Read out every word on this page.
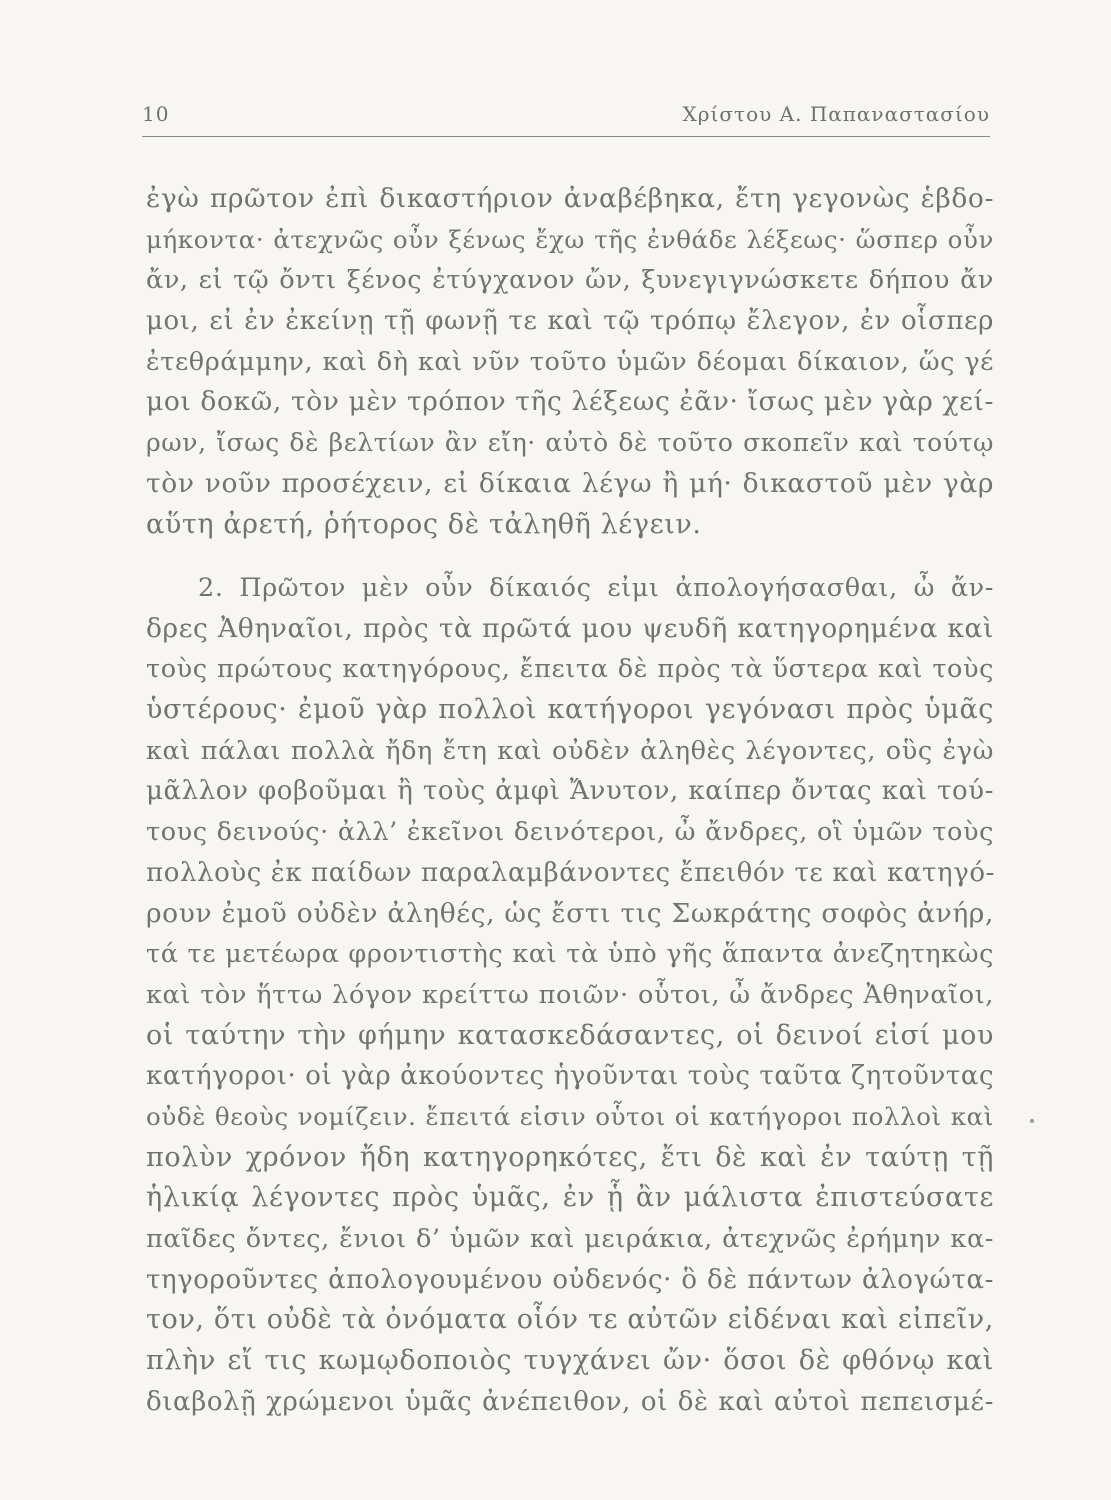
10	Χρίστου Α. Παπαναστασίου
ἐγὼ πρῶτον ἐπὶ δικαστήριον ἀναβέβηκα, ἔτη γεγονὼς ἑβδο-
μήκοντα· ἀτεχνῶς οὖν ξένως ἔχω τῆς ἐνθάδε λέξεως· ὥσπερ οὖν
ἄν, εἰ τῷ ὄντι ξένος ἐτύγχανον ὤν, ξυνεγιγνώσκετε δήπου ἄν
μοι, εἰ ἐν ἐκείνῃ τῇ φωνῇ τε καὶ τῷ τρόπῳ ἔλεγον, ἐν οἷσπερ
ἐτεθράμμην, καὶ δὴ καὶ νῦν τοῦτο ὑμῶν δέομαι δίκαιον, ὥς γέ
μοι δοκῶ, τὸν μὲν τρόπον τῆς λέξεως ἐᾶν· ἴσως μὲν γὰρ χεί-
ρων, ἴσως δὲ βελτίων ἂν εἴη· αὐτὸ δὲ τοῦτο σκοπεῖν καὶ τούτῳ
τὸν νοῦν προσέχειν, εἰ δίκαια λέγω ἢ μή· δικαστοῦ μὲν γὰρ
αὕτη ἀρετή, ῥήτορος δὲ τἀληθῆ λέγειν.
2. Πρῶτον μὲν οὖν δίκαιός εἰμι ἀπολογήσασθαι, ὦ ἄν-
δρες Ἀθηναῖοι, πρὸς τὰ πρῶτά μου ψευδῆ κατηγορημένα καὶ
τοὺς πρώτους κατηγόρους, ἔπειτα δὲ πρὸς τὰ ὕστερα καὶ τοὺς
ὑστέρους· ἐμοῦ γὰρ πολλοὶ κατήγοροι γεγόνασι πρὸς ὑμᾶς
καὶ πάλαι πολλὰ ἤδη ἔτη καὶ οὐδὲν ἀληθὲς λέγοντες, οὓς ἐγὼ
μᾶλλον φοβοῦμαι ἢ τοὺς ἀμφὶ Ἄνυτον, καίπερ ὄντας καὶ τού-
τους δεινούς· ἀλλ’ ἐκεῖνοι δεινότεροι, ὦ ἄνδρες, οἳ ὑμῶν τοὺς
πολλοὺς ἐκ παίδων παραλαμβάνοντες ἔπειθόν τε καὶ κατηγό-
ρουν ἐμοῦ οὐδὲν ἀληθές, ὡς ἔστι τις Σωκράτης σοφὸς ἀνήρ,
τά τε μετέωρα φροντιστὴς καὶ τὰ ὑπὸ γῆς ἅπαντα ἀνεζητηκὼς
καὶ τὸν ἥττω λόγον κρείττω ποιῶν· οὗτοι, ὦ ἄνδρες Ἀθηναῖοι,
οἱ ταύτην τὴν φήμην κατασκεδάσαντες, οἱ δεινοί εἰσί μου
κατήγοροι· οἱ γὰρ ἀκούοντες ἡγοῦνται τοὺς ταῦτα ζητοῦντας
οὐδὲ θεοὺς νομίζειν. ἔπειτά εἰσιν οὗτοι οἱ κατήγοροι πολλοὶ καὶ
πολὺν χρόνον ἤδη κατηγορηκότες, ἔτι δὲ καὶ ἐν ταύτῃ τῇ
ἡλικίᾳ λέγοντες πρὸς ὑμᾶς, ἐν ᾗ ἂν μάλιστα ἐπιστεύσατε
παῖδες ὄντες, ἔνιοι δ’ ὑμῶν καὶ μειράκια, ἀτεχνῶς ἐρήμην κα-
τηγοροῦντες ἀπολογουμένου οὐδενός· ὃ δὲ πάντων ἀλογώτα-
τον, ὅτι οὐδὲ τὰ ὀνόματα οἷόν τε αὐτῶν εἰδέναι καὶ εἰπεῖν,
πλὴν εἴ τις κωμῳδοποιὸς τυγχάνει ὤν· ὅσοι δὲ φθόνῳ καὶ
διαβολῇ χρώμενοι ὑμᾶς ἀνέπειθον, οἱ δὲ καὶ αὐτοὶ πεπεισμέ-
